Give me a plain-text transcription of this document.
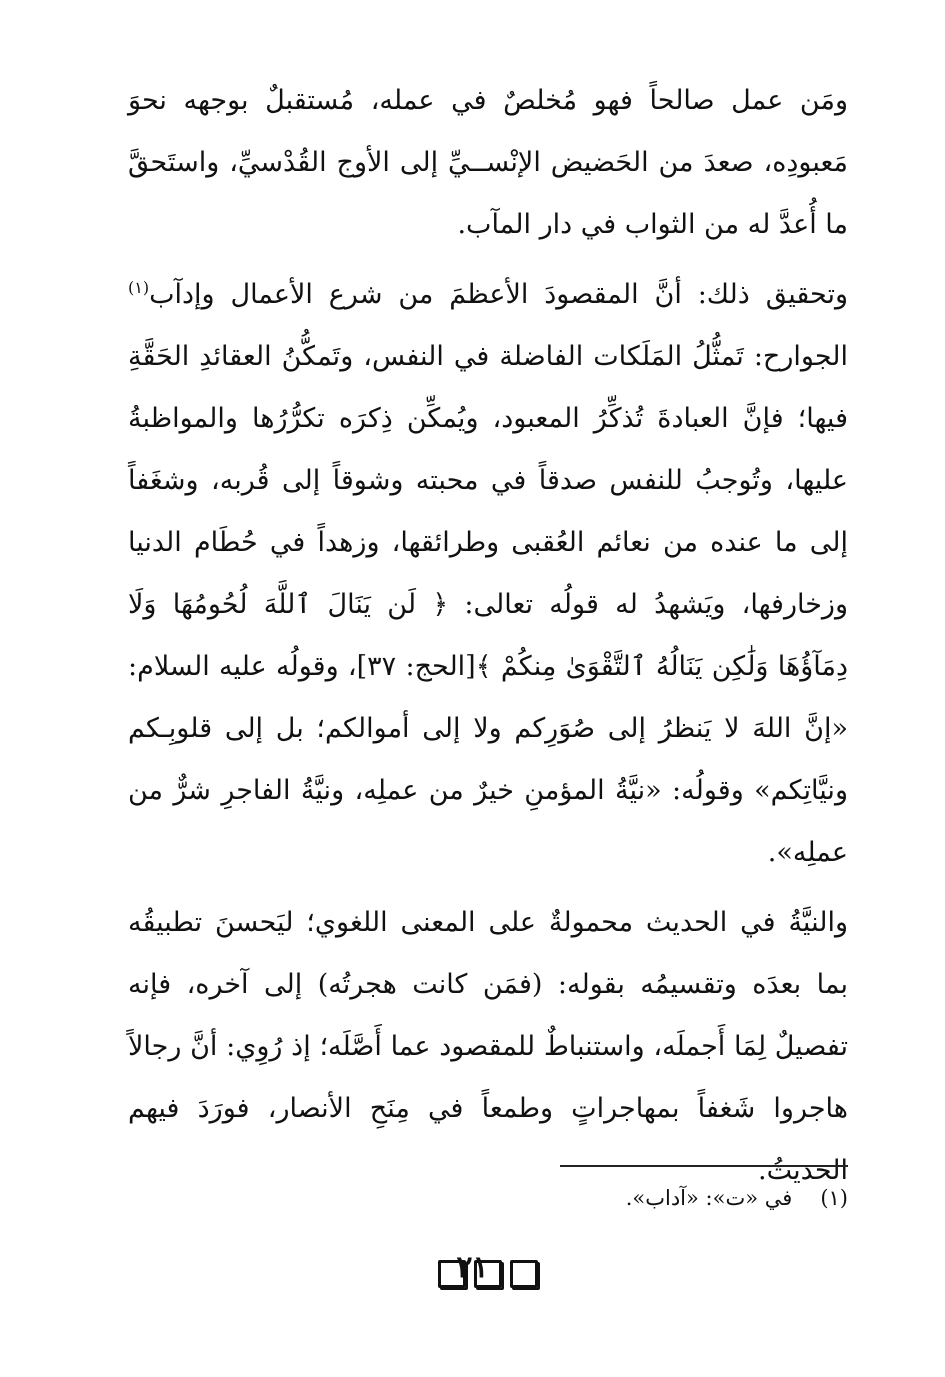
ومَن عمل صالحاً فهو مُخلصٌ في عمله، مُستقبلٌ بوجهه نحوَ مَعبودِه، صعدَ من الحَضيض الإنْســيِّ إلى الأوج القُدْسيِّ، واستَحقَّ ما أُعدَّ له من الثواب في دار المآب.

وتحقيق ذلك: أنَّ المقصودَ الأعظمَ من شرع الأعمال وإدآب$^{(١)}$ الجوارح: تَمثُّلُ المَلَكات الفاضلة في النفس، وتَمكُّنُ العقائدِ الحَقَّةِ فيها؛ فإنَّ العبادةَ تُذكِّرُ المعبود، ويُمكِّن ذِكرَه تكرُّرُها والمواظبةُ عليها، وتُوجبُ للنفس صدقاً في محبته وشوقاً إلى قُربه، وشغَفاً إلى ما عنده من نعائم العُقبى وطرائقها، وزهداً في حُطَام الدنيا وزخارفها، ويَشهدُ له قولُه تعالى: ﴿ لَن يَنَالَ ٱللَّهَ لُحُومُهَا وَلَا دِمَآؤُهَا وَلَٰكِن يَنَالُهُ ٱلتَّقْوَىٰ مِنكُمْ ﴾[الحج: ٣٧]، وقولُه عليه السلام: «إنَّ اللهَ لا يَنظرُ إلى صُوَرِكم ولا إلى أموالكم؛ بل إلى قلوبِـكم ونيَّاتِكم» وقولُه: «نيَّةُ المؤمنِ خيرٌ من عملِه، ونيَّةُ الفاجرِ شرٌّ من عملِه».

والنيَّةُ في الحديث محمولةٌ على المعنى اللغوي؛ ليَحسنَ تطبيقُه بما بعدَه وتقسيمُه بقوله: (فمَن كانت هجرتُه) إلى آخره، فإنه تفصيلٌ لِمَا أَجملَه، واستنباطٌ للمقصود عما أَصَّلَه؛ إذ رُوِي: أنَّ رجالاً هاجروا شَغفاً بمهاجراتٍ وطمعاً في مِنَحِ الأنصار، فورَدَ فيهم الحديثُ.

(١)في «ت»: «آداب».
٢١
